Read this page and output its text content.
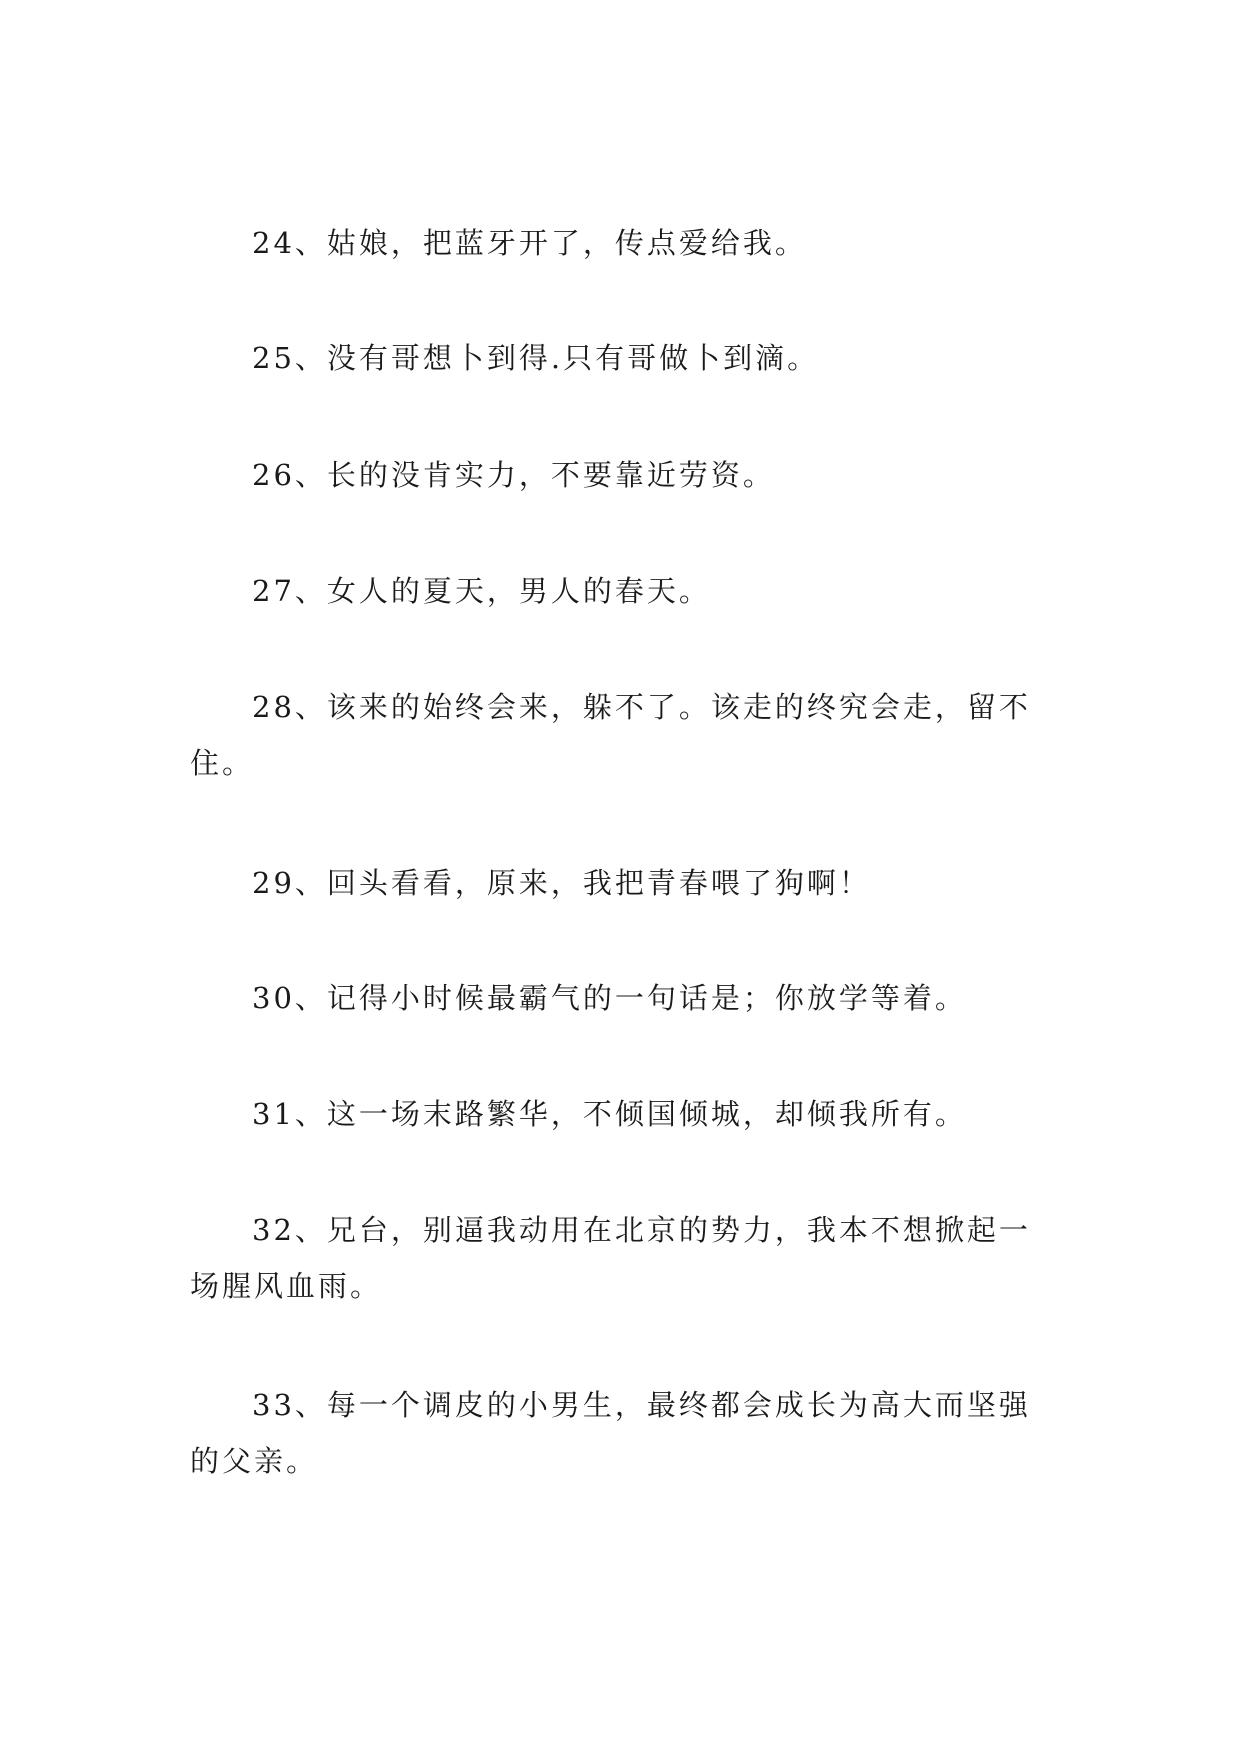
24、姑娘，把蓝牙开了，传点爱给我。

25、没有哥想卜到得.只有哥做卜到滴。

26、长的没肯实力，不要靠近劳资。

27、女人的夏天，男人的春天。

28、该来的始终会来，躲不了。该走的终究会走，留不住。

29、回头看看，原来，我把青春喂了狗啊！

30、记得小时候最霸气的一句话是；你放学等着。

31、这一场末路繁华，不倾国倾城，却倾我所有。

32、兄台，别逼我动用在北京的势力，我本不想掀起一场腥风血雨。

33、每一个调皮的小男生，最终都会成长为高大而坚强的父亲。
